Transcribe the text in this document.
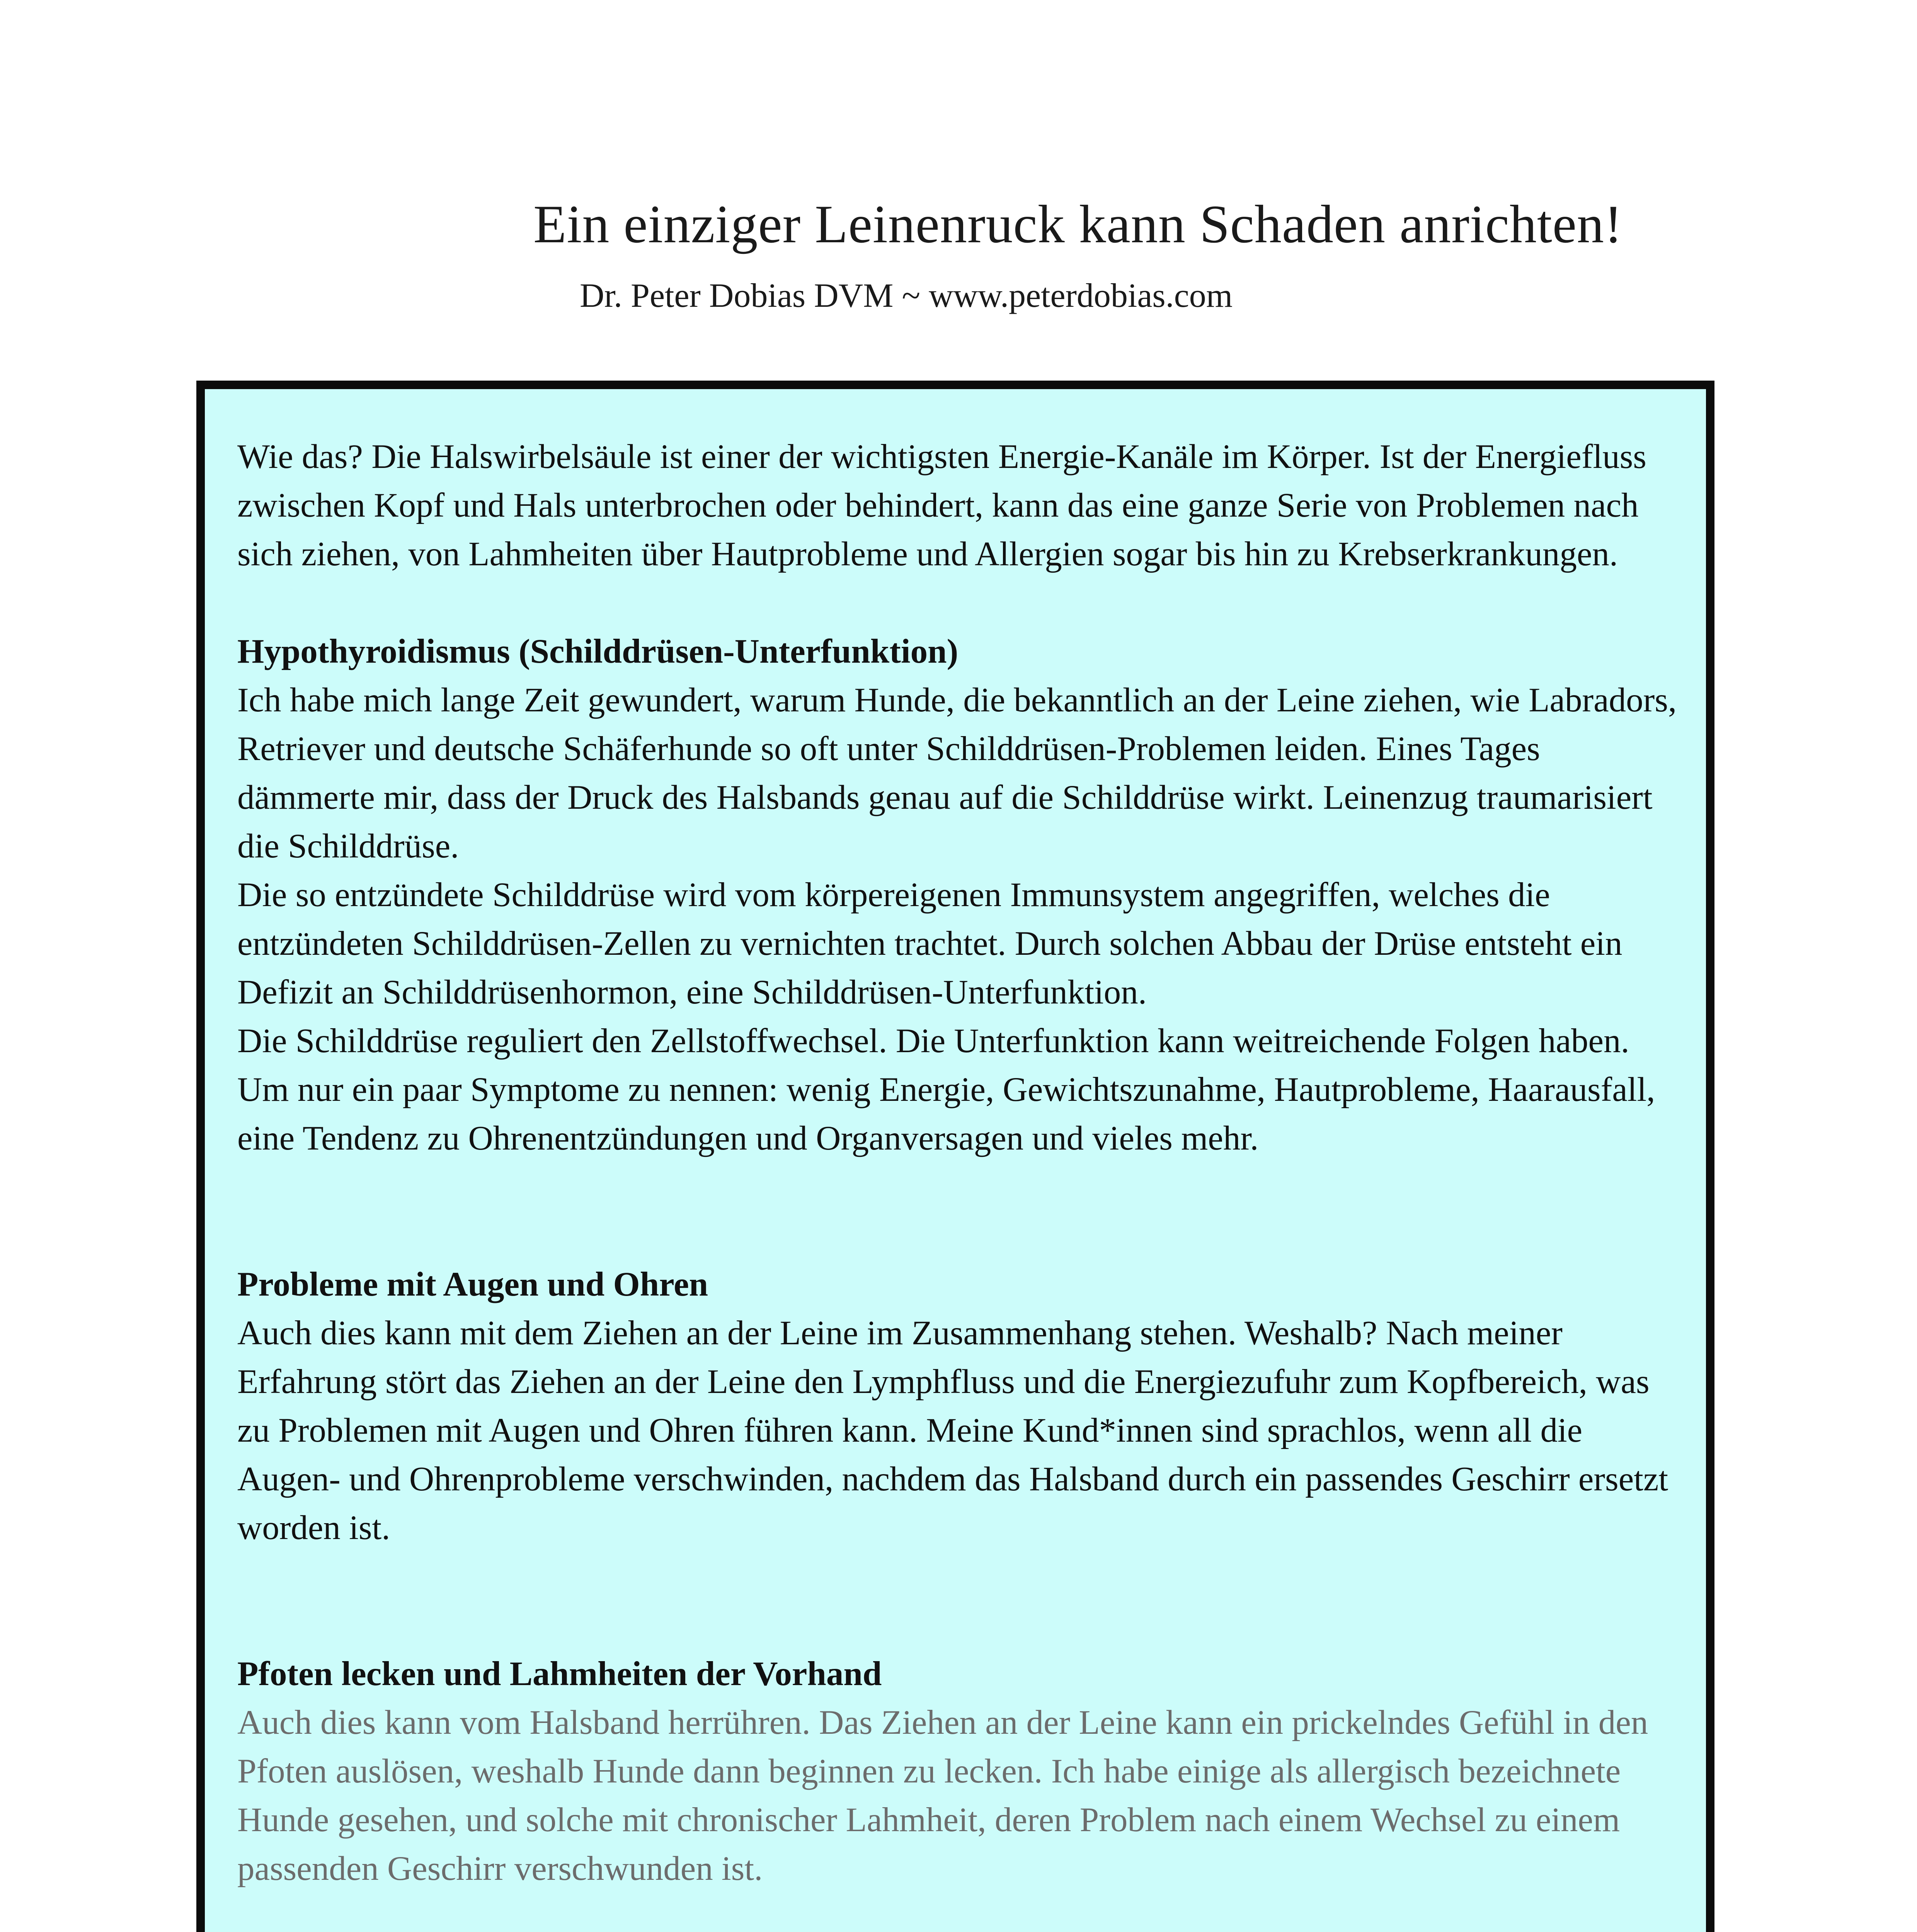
Ein einziger Leinenruck kann Schaden anrichten!
Dr. Peter Dobias DVM ~ www.peterdobias.com

Wie das? Die Halswirbelsäule ist einer der wichtigsten Energie-Kanäle im Körper. Ist der Energiefluss zwischen Kopf und Hals unterbrochen oder behindert, kann das eine ganze Serie von Problemen nach sich ziehen, von Lahmheiten über Hautprobleme und Allergien sogar bis hin zu Krebserkrankungen.

Hypothyroidismus (Schilddrüsen-Unterfunktion)

Ich habe mich lange Zeit gewundert, warum Hunde, die bekanntlich an der Leine ziehen, wie Labradors, Retriever und deutsche Schäferhunde so oft unter Schilddrüsen-Problemen leiden. Eines Tages dämmerte mir, dass der Druck des Halsbands genau auf die Schilddrüse wirkt. Leinenzug traumarisiert die Schilddrüse.

Die so entzündete Schilddrüse wird vom körpereigenen Immunsystem angegriffen, welches die entzündeten Schilddrüsen-Zellen zu vernichten trachtet. Durch solchen Abbau der Drüse entsteht ein Defizit an Schilddrüsenhormon, eine Schilddrüsen-Unterfunktion.

Die Schilddrüse reguliert den Zellstoffwechsel. Die Unterfunktion kann weitreichende Folgen haben. Um nur ein paar Symptome zu nennen: wenig Energie, Gewichtszunahme, Hautprobleme, Haarausfall, eine Tendenz zu Ohrenentzündungen und Organversagen und vieles mehr.

Probleme mit Augen und Ohren

Auch dies kann mit dem Ziehen an der Leine im Zusammenhang stehen. Weshalb? Nach meiner Erfahrung stört das Ziehen an der Leine den Lymphfluss und die Energiezufuhr zum Kopfbereich, was zu Problemen mit Augen und Ohren führen kann. Meine Kund*innen sind sprachlos, wenn all die Augen- und Ohrenprobleme verschwinden, nachdem das Halsband durch ein passendes Geschirr ersetzt worden ist.

Pfoten lecken und Lahmheiten der Vorhand

Auch dies kann vom Halsband herrühren. Das Ziehen an der Leine kann ein prickelndes Gefühl in den Pfoten auslösen, weshalb Hunde dann beginnen zu lecken. Ich habe einige als allergisch bezeichnete Hunde gesehen, und solche mit chronischer Lahmheit, deren Problem nach einem Wechsel zu einem passenden Geschirr verschwunden ist.
